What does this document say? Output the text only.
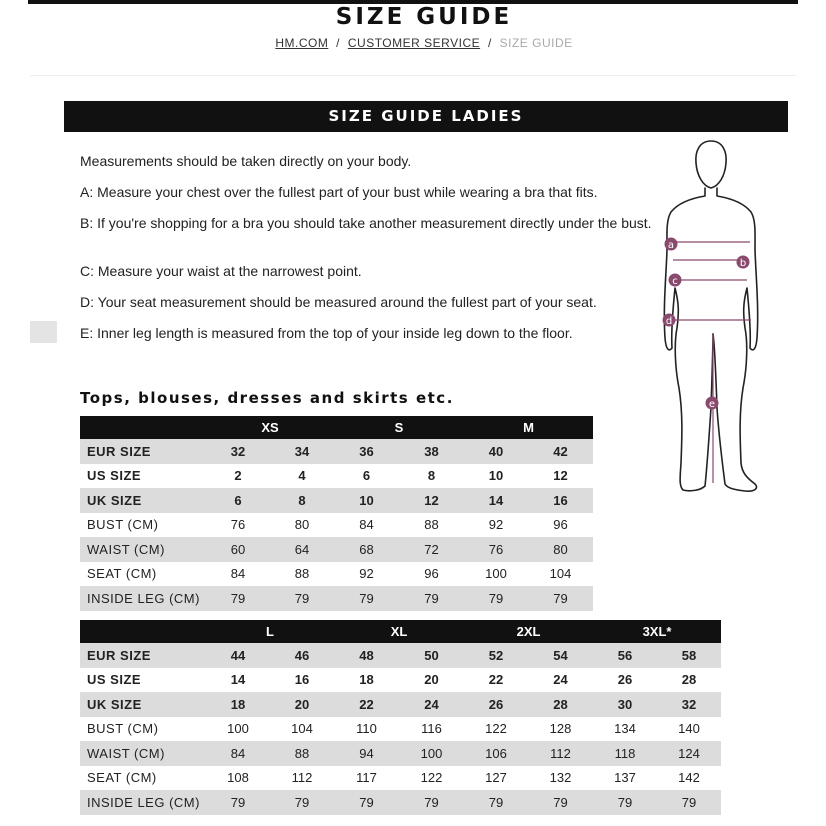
SIZE GUIDE
HM.COM / CUSTOMER SERVICE / SIZE GUIDE
SIZE GUIDE LADIES
Measurements should be taken directly on your body.
A: Measure your chest over the fullest part of your bust while wearing a bra that fits.
B: If you're shopping for a bra you should take another measurement directly under the bust.
C: Measure your waist at the narrowest point.
D: Your seat measurement should be measured around the fullest part of your seat.
E: Inner leg length is measured from the top of your inside leg down to the floor.
a
b
c
d
e
Tops, blouses, dresses and skirts etc.
	XS		S		M	
EUR SIZE	32	34	36	38	40	42
US SIZE	2	4	6	8	10	12
UK SIZE	6	8	10	12	14	16
BUST (CM)	76	80	84	88	92	96
WAIST (CM)	60	64	68	72	76	80
SEAT (CM)	84	88	92	96	100	104
INSIDE LEG (CM)	79	79	79	79	79	79
	L		XL		2XL		3XL*	
EUR SIZE	44	46	48	50	52	54	56	58
US SIZE	14	16	18	20	22	24	26	28
UK SIZE	18	20	22	24	26	28	30	32
BUST (CM)	100	104	110	116	122	128	134	140
WAIST (CM)	84	88	94	100	106	112	118	124
SEAT (CM)	108	112	117	122	127	132	137	142
INSIDE LEG (CM)	79	79	79	79	79	79	79	79
